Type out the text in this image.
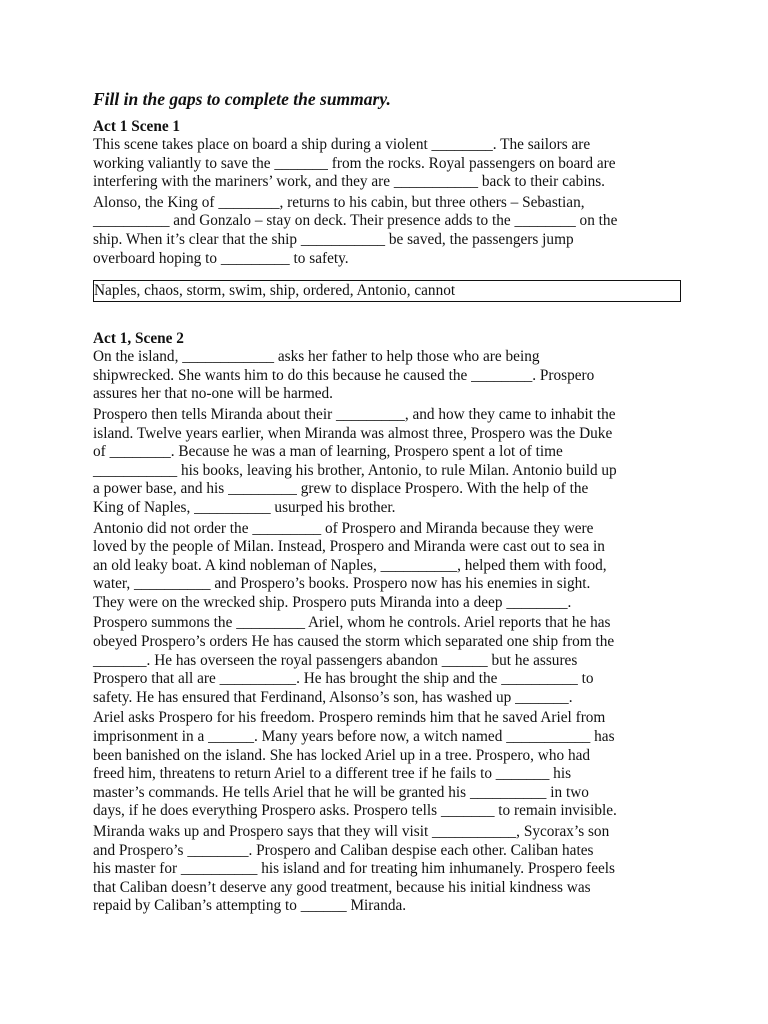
Fill in the gaps to complete the summary.
Act 1 Scene 1

This scene takes place on board a ship during a violent ________. The sailors are
working valiantly to save the _______ from the rocks. Royal passengers on board are
interfering with the mariners’ work, and they are ___________ back to their cabins.

Alonso, the King of ________, returns to his cabin, but three others – Sebastian,
__________ and Gonzalo – stay on deck. Their presence adds to the ________ on the
ship. When it’s clear that the ship ___________ be saved, the passengers jump
overboard hoping to _________ to safety.

Naples, chaos, storm, swim, ship, ordered, Antonio, cannot
Act 1, Scene 2

On the island, ____________ asks her father to help those who are being
shipwrecked. She wants him to do this because he caused the ________. Prospero
assures her that no-one will be harmed.

Prospero then tells Miranda about their _________, and how they came to inhabit the
island. Twelve years earlier, when Miranda was almost three, Prospero was the Duke
of ________. Because he was a man of learning, Prospero spent a lot of time
___________ his books, leaving his brother, Antonio, to rule Milan. Antonio build up
a power base, and his _________ grew to displace Prospero. With the help of the
King of Naples, __________ usurped his brother.

Antonio did not order the _________ of Prospero and Miranda because they were
loved by the people of Milan. Instead, Prospero and Miranda were cast out to sea in
an old leaky boat. A kind nobleman of Naples, __________, helped them with food,
water, __________ and Prospero’s books. Prospero now has his enemies in sight.
They were on the wrecked ship. Prospero puts Miranda into a deep ________.

Prospero summons the _________ Ariel, whom he controls. Ariel reports that he has
obeyed Prospero’s orders He has caused the storm which separated one ship from the
_______. He has overseen the royal passengers abandon ______ but he assures
Prospero that all are __________. He has brought the ship and the __________ to
safety. He has ensured that Ferdinand, Alsonso’s son, has washed up _______.

Ariel asks Prospero for his freedom. Prospero reminds him that he saved Ariel from
imprisonment in a ______. Many years before now, a witch named ___________ has
been banished on the island. She has locked Ariel up in a tree. Prospero, who had
freed him, threatens to return Ariel to a different tree if he fails to _______ his
master’s commands. He tells Ariel that he will be granted his __________ in two
days, if he does everything Prospero asks. Prospero tells _______ to remain invisible.

Miranda waks up and Prospero says that they will visit ___________, Sycorax’s son
and Prospero’s ________. Prospero and Caliban despise each other. Caliban hates
his master for __________ his island and for treating him inhumanely. Prospero feels
that Caliban doesn’t deserve any good treatment, because his initial kindness was
repaid by Caliban’s attempting to ______ Miranda.
